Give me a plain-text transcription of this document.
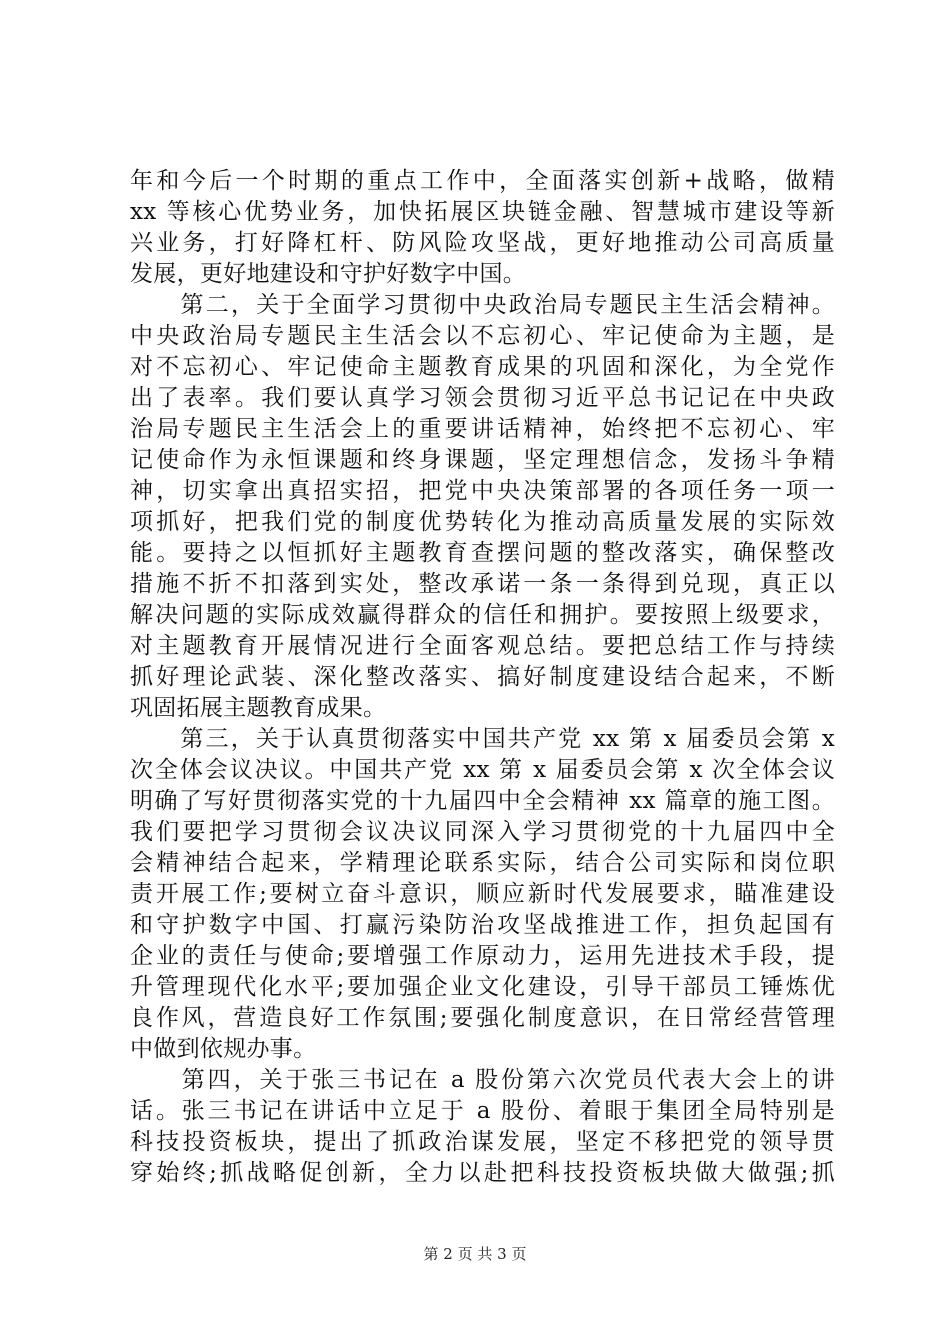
年和今后一个时期的重点工作中，全面落实创新+战略，做精
xx 等核心优势业务，加快拓展区块链金融、智慧城市建设等新
兴业务，打好降杠杆、防风险攻坚战，更好地推动公司高质量
发展，更好地建设和守护好数字中国。
　　第二，关于全面学习贯彻中央政治局专题民主生活会精神。
中央政治局专题民主生活会以不忘初心、牢记使命为主题，是
对不忘初心、牢记使命主题教育成果的巩固和深化，为全党作
出了表率。我们要认真学习领会贯彻习近平总书记记在中央政
治局专题民主生活会上的重要讲话精神，始终把不忘初心、牢
记使命作为永恒课题和终身课题，坚定理想信念，发扬斗争精
神，切实拿出真招实招，把党中央决策部署的各项任务一项一
项抓好，把我们党的制度优势转化为推动高质量发展的实际效
能。要持之以恒抓好主题教育查摆问题的整改落实，确保整改
措施不折不扣落到实处，整改承诺一条一条得到兑现，真正以
解决问题的实际成效赢得群众的信任和拥护。要按照上级要求，
对主题教育开展情况进行全面客观总结。要把总结工作与持续
抓好理论武装、深化整改落实、搞好制度建设结合起来，不断
巩固拓展主题教育成果。
　　第三，关于认真贯彻落实中国共产党 xx 第 x 届委员会第 x
次全体会议决议。中国共产党 xx 第 x 届委员会第 x 次全体会议
明确了写好贯彻落实党的十九届四中全会精神 xx 篇章的施工图。
我们要把学习贯彻会议决议同深入学习贯彻党的十九届四中全
会精神结合起来，学精理论联系实际，结合公司实际和岗位职
责开展工作;要树立奋斗意识，顺应新时代发展要求，瞄准建设
和守护数字中国、打赢污染防治攻坚战推进工作，担负起国有
企业的责任与使命;要增强工作原动力，运用先进技术手段，提
升管理现代化水平;要加强企业文化建设，引导干部员工锤炼优
良作风，营造良好工作氛围;要强化制度意识，在日常经营管理
中做到依规办事。
　　第四，关于张三书记在 a 股份第六次党员代表大会上的讲
话。张三书记在讲话中立足于 a 股份、着眼于集团全局特别是
科技投资板块，提出了抓政治谋发展，坚定不移把党的领导贯
穿始终;抓战略促创新，全力以赴把科技投资板块做大做强;抓
第 2 页 共 3 页
